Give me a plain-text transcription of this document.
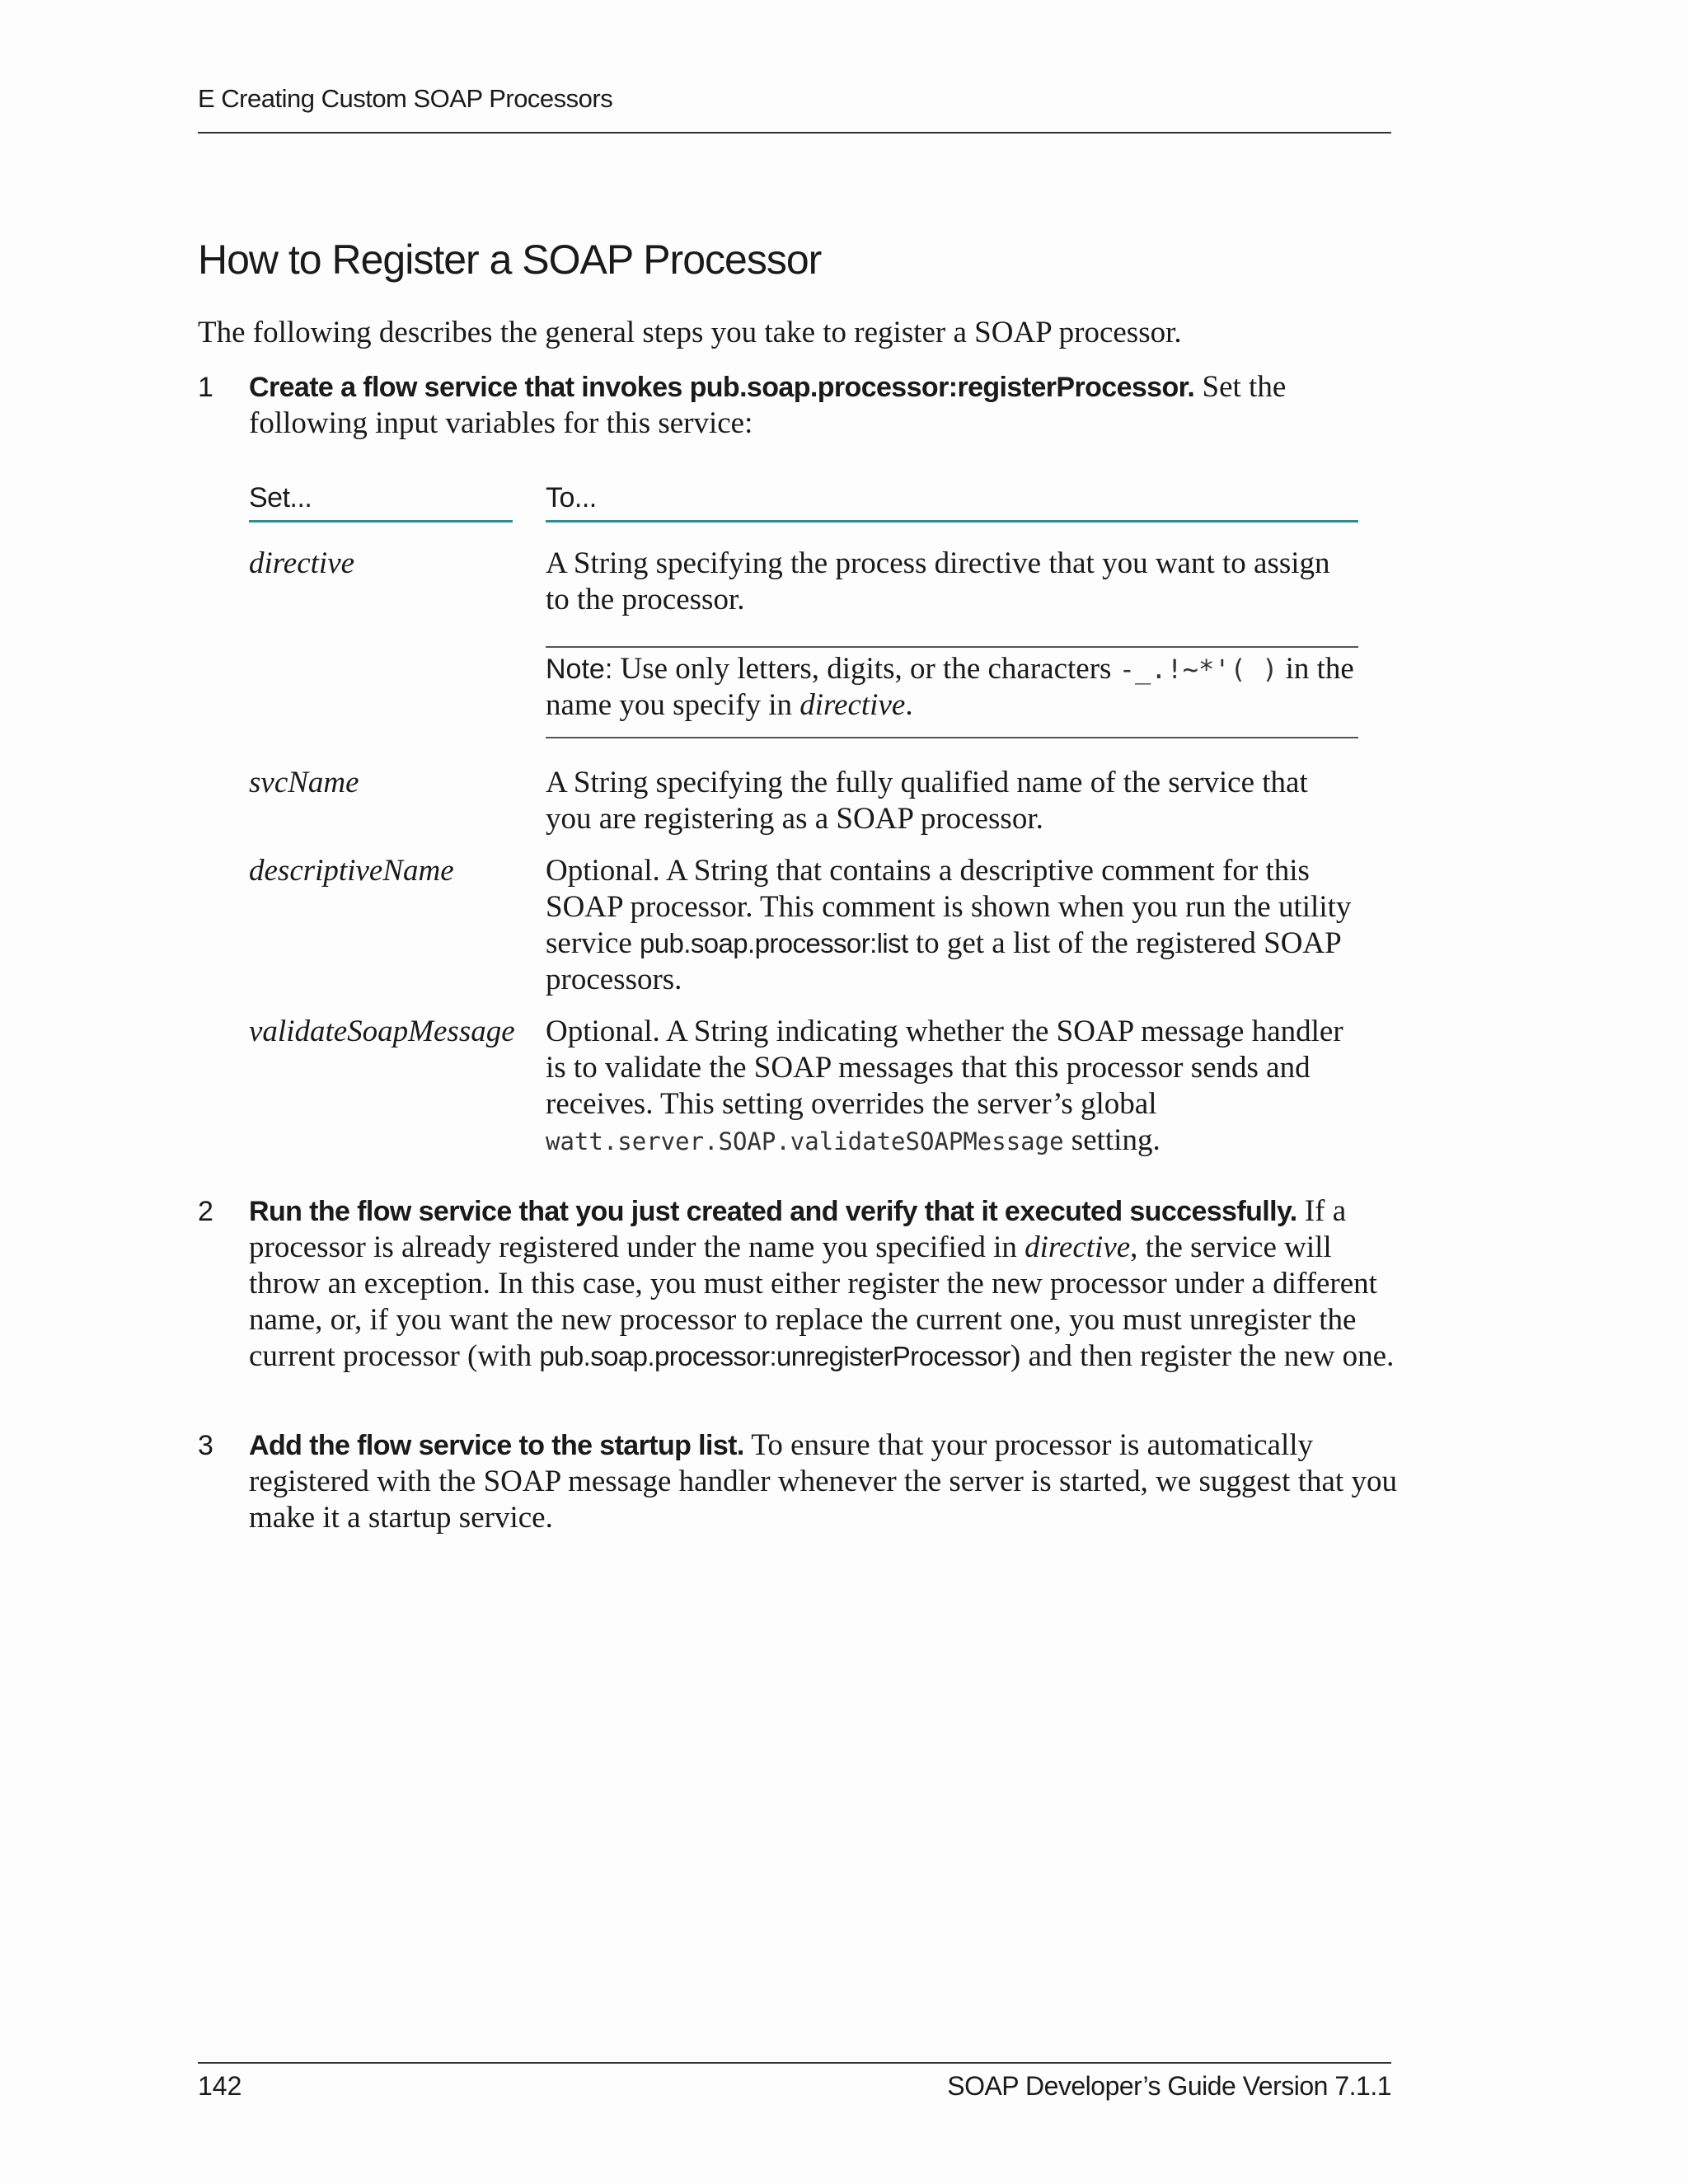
E Creating Custom SOAP Processors
How to Register a SOAP Processor
The following describes the general steps you take to register a SOAP processor.
1 Create a flow service that invokes pub.soap.processor:registerProcessor. Set the following input variables for this service:
Set...	To...
directive	A String specifying the process directive that you want to assign to the processor.
Note: Use only letters, digits, or the characters -_.!~*'( ) in the name you specify in directive.
svcName	A String specifying the fully qualified name of the service that you are registering as a SOAP processor.
descriptiveName	Optional. A String that contains a descriptive comment for this SOAP processor. This comment is shown when you run the utility service pub.soap.processor:list to get a list of the registered SOAP processors.
validateSoapMessage Optional. A String indicating whether the SOAP message handler is to validate the SOAP messages that this processor sends and receives. This setting overrides the server’s global watt.server.SOAP.validateSOAPMessage setting.
2 Run the flow service that you just created and verify that it executed successfully. If a processor is already registered under the name you specified in directive, the service will throw an exception. In this case, you must either register the new processor under a different name, or, if you want the new processor to replace the current one, you must unregister the current processor (with pub.soap.processor:unregisterProcessor) and then register the new one.
3 Add the flow service to the startup list. To ensure that your processor is automatically registered with the SOAP message handler whenever the server is started, we suggest that you make it a startup service.
142	SOAP Developer’s Guide Version 7.1.1
